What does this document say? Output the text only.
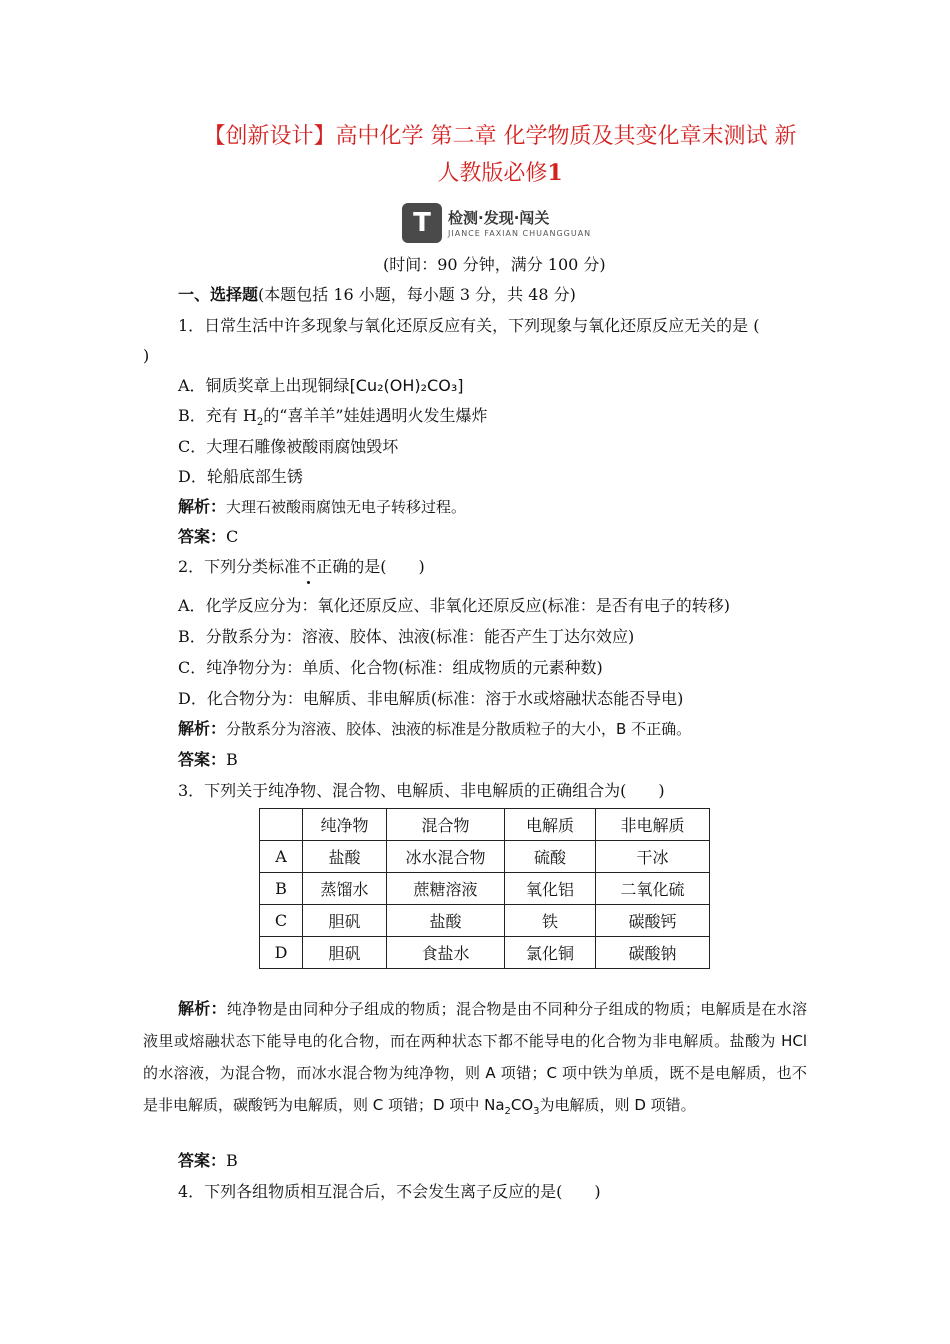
【创新设计】高中化学 第二章 化学物质及其变化章末测试 新
人教版必修1
T	检测·发现·闯关
JIANCE FAXIAN CHUANGGUAN
(时间：90 分钟，满分 100 分)
一、选择题(本题包括 16 小题，每小题 3 分，共 48 分)
1．日常生活中许多现象与氧化还原反应有关，下列现象与氧化还原反应无关的是 (
)
A．铜质奖章上出现铜绿[Cu₂(OH)₂CO₃]
B．充有 $H_2$的“喜羊羊”娃娃遇明火发生爆炸
C．大理石雕像被酸雨腐蚀毁坏
D．轮船底部生锈
解析：大理石被酸雨腐蚀无电子转移过程。
答案：C
2．下列分类标准不正确的是(　　)
A．化学反应分为：氧化还原反应、非氧化还原反应(标准：是否有电子的转移)
B．分散系分为：溶液、胶体、浊液(标准：能否产生丁达尔效应)
C．纯净物分为：单质、化合物(标准：组成物质的元素种数)
D．化合物分为：电解质、非电解质(标准：溶于水或熔融状态能否导电)
解析：分散系分为溶液、胶体、浊液的标准是分散质粒子的大小，B 不正确。
答案：B
3．下列关于纯净物、混合物、电解质、非电解质的正确组合为(　　)
	纯净物	混合物	电解质	非电解质
A	盐酸	冰水混合物	硫酸	干冰
B	蒸馏水	蔗糖溶液	氧化铝	二氧化硫
C	胆矾	盐酸	铁	碳酸钙
D	胆矾	食盐水	氯化铜	碳酸钠
解析：纯净物是由同种分子组成的物质；混合物是由不同种分子组成的物质；电解质是在水溶液里或熔融状态下能导电的化合物，而在两种状态下都不能导电的化合物为非电解质。盐酸为 HCl 的水溶液，为混合物，而冰水混合物为纯净物，则 A 项错；C 项中铁为单质，既不是电解质，也不是非电解质，碳酸钙为电解质，则 C 项错；D 项中 $Na_2CO_3$为电解质，则 D 项错。
答案：B
4．下列各组物质相互混合后，不会发生离子反应的是(　　)
